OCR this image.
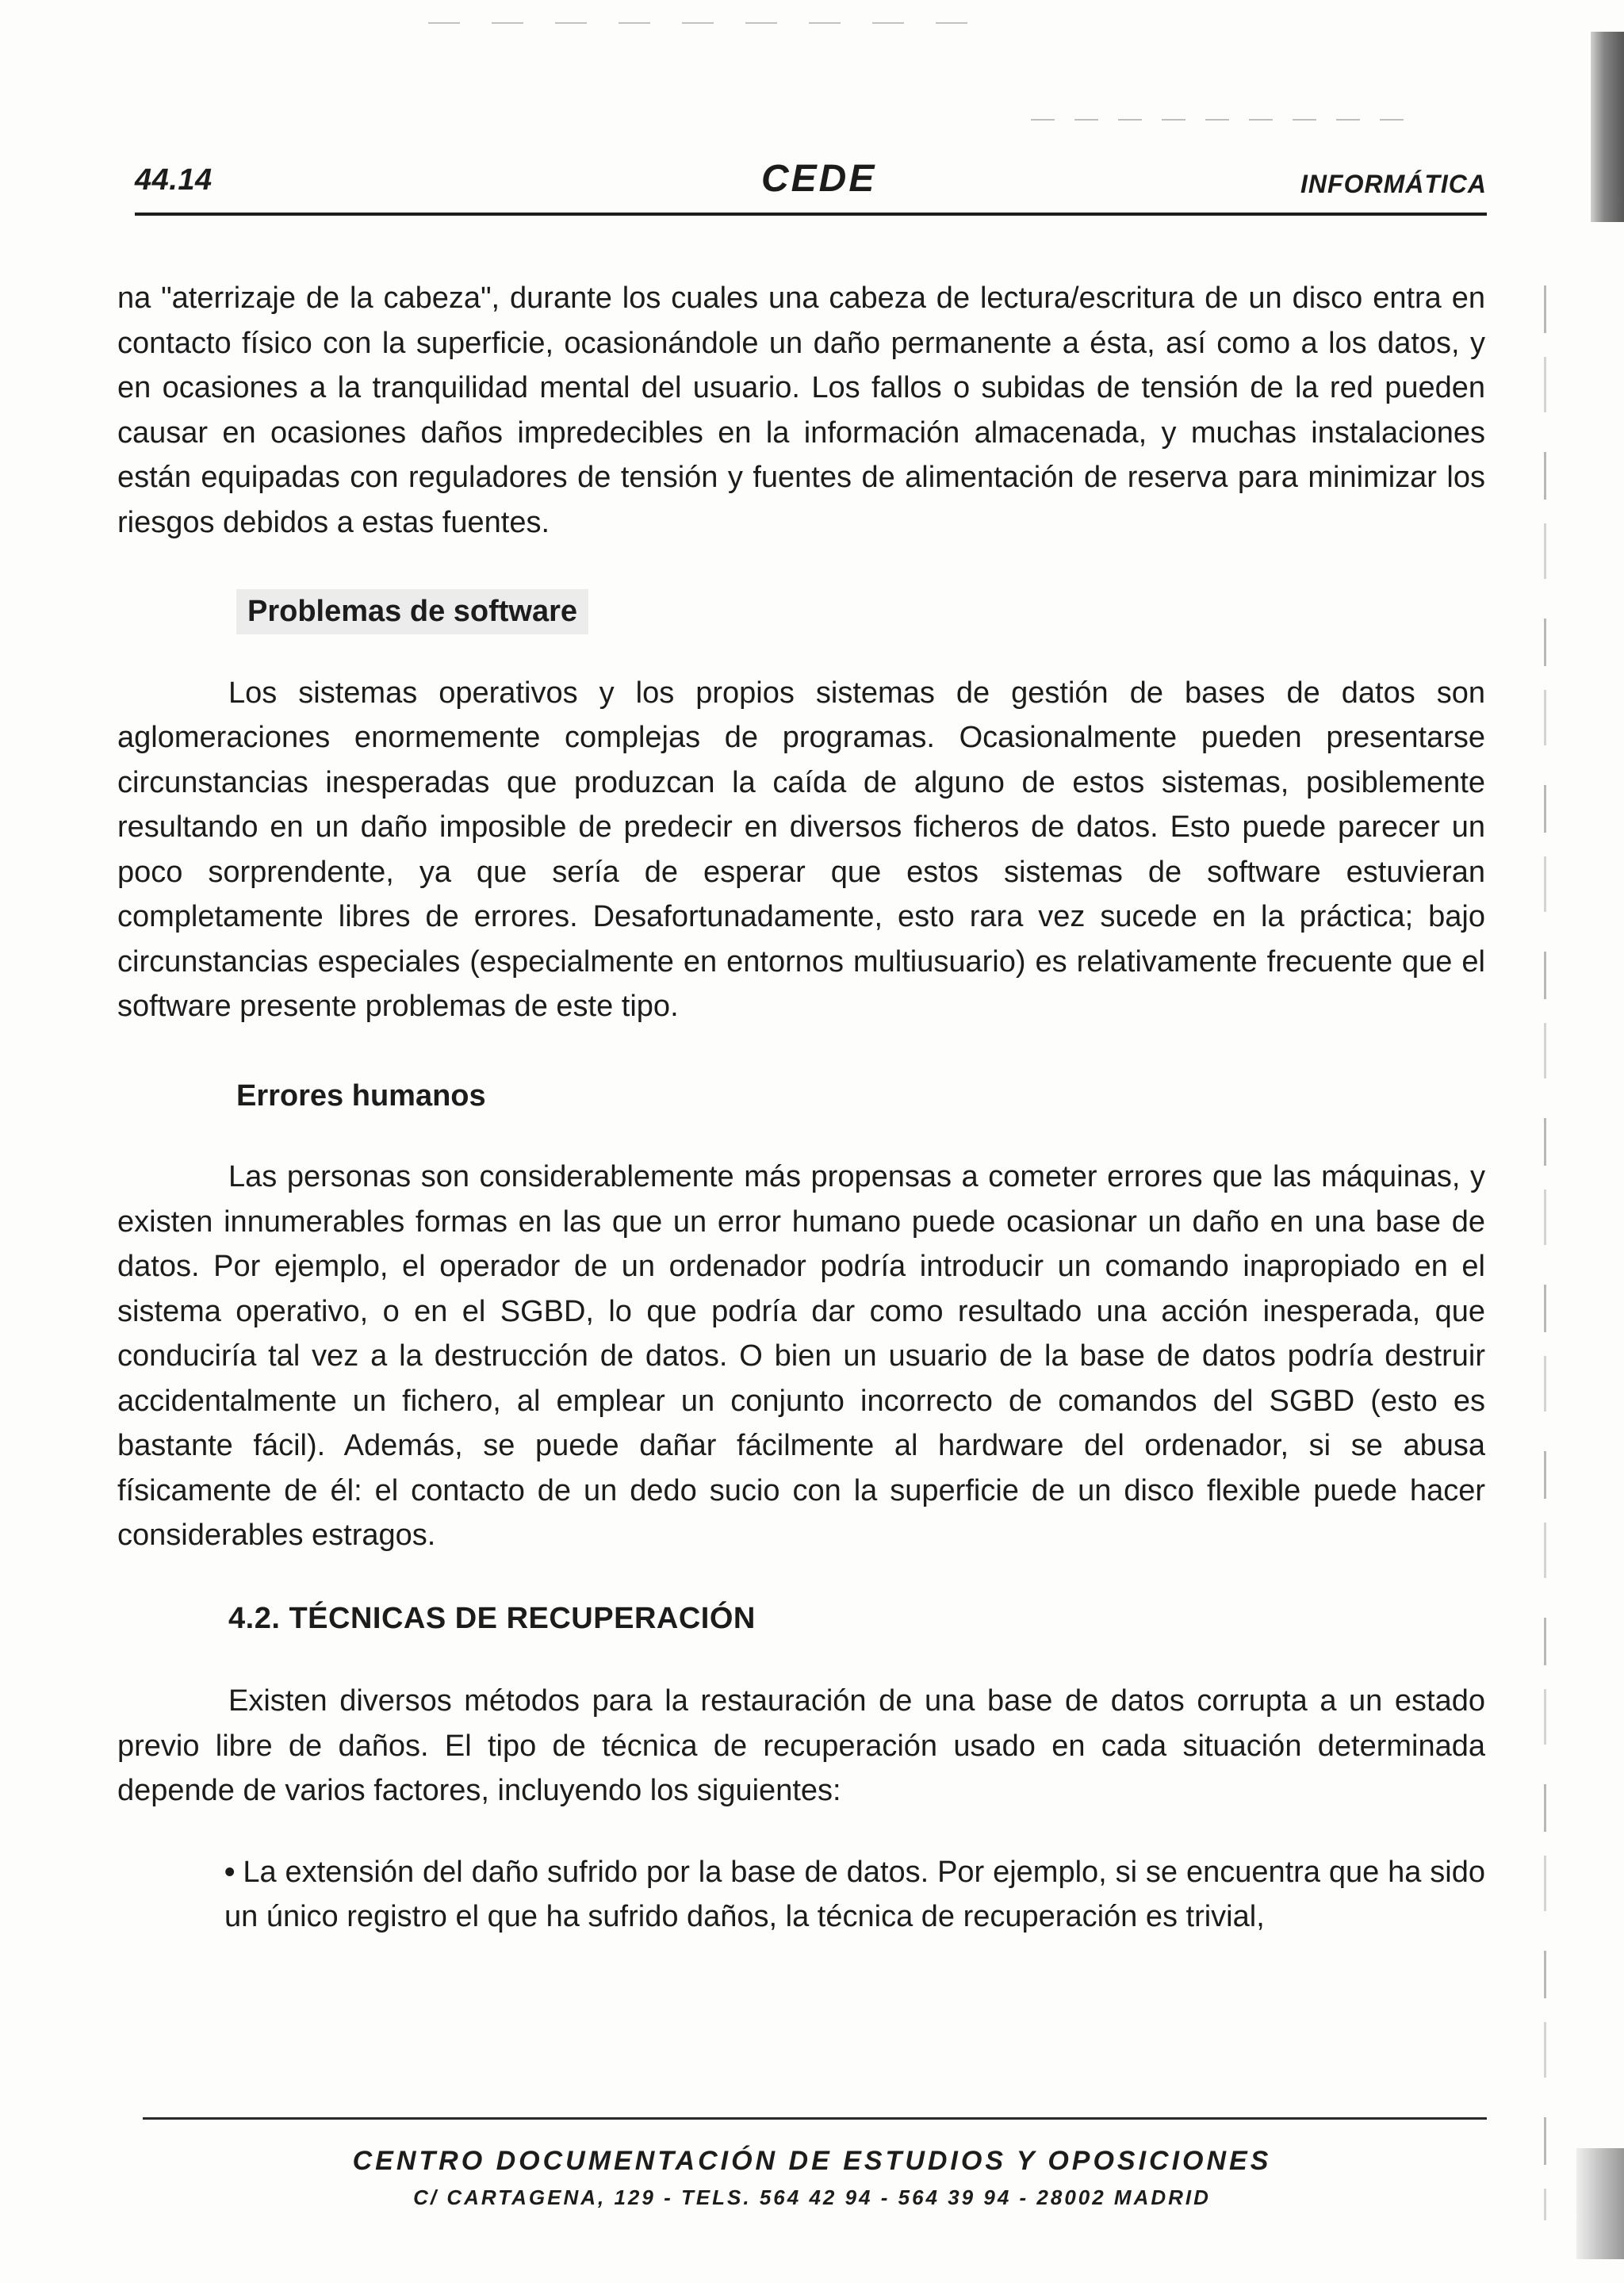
44.14	CEDE	INFORMÁTICA

na "aterrizaje de la cabeza", durante los cuales una cabeza de lectura/escritura de un disco entra en contacto físico con la superficie, ocasionándole un daño permanente a ésta, así como a los datos, y en ocasiones a la tranquilidad mental del usuario. Los fallos o subidas de tensión de la red pueden causar en ocasiones daños impredecibles en la información almacenada, y muchas instalaciones están equipadas con reguladores de tensión y fuentes de alimentación de reserva para minimizar los riesgos debidos a estas fuentes.

Problemas de software

Los sistemas operativos y los propios sistemas de gestión de bases de datos son aglomeraciones enormemente complejas de programas. Ocasionalmente pueden presentarse circunstancias inesperadas que produzcan la caída de alguno de estos sistemas, posiblemente resultando en un daño imposible de predecir en diversos ficheros de datos. Esto puede parecer un poco sorprendente, ya que sería de esperar que estos sistemas de software estuvieran completamente libres de errores. Desafortunadamente, esto rara vez sucede en la práctica; bajo circunstancias especiales (especialmente en entornos multiusuario) es relativamente frecuente que el software presente problemas de este tipo.

Errores humanos

Las personas son considerablemente más propensas a cometer errores que las máquinas, y existen innumerables formas en las que un error humano puede ocasionar un daño en una base de datos. Por ejemplo, el operador de un ordenador podría introducir un comando inapropiado en el sistema operativo, o en el SGBD, lo que podría dar como resultado una acción inesperada, que conduciría tal vez a la destrucción de datos. O bien un usuario de la base de datos podría destruir accidentalmente un fichero, al emplear un conjunto incorrecto de comandos del SGBD (esto es bastante fácil). Además, se puede dañar fácilmente al hardware del ordenador, si se abusa físicamente de él: el contacto de un dedo sucio con la superficie de un disco flexible puede hacer considerables estragos.

4.2. TÉCNICAS DE RECUPERACIÓN

Existen diversos métodos para la restauración de una base de datos corrupta a un estado previo libre de daños. El tipo de técnica de recuperación usado en cada situación determinada depende de varios factores, incluyendo los siguientes:

• La extensión del daño sufrido por la base de datos. Por ejemplo, si se encuentra que ha sido un único registro el que ha sufrido daños, la técnica de recuperación es trivial,

CENTRO DOCUMENTACIÓN DE ESTUDIOS Y OPOSICIONES
C/ CARTAGENA, 129 - TELS. 564 42 94 - 564 39 94 - 28002 MADRID
